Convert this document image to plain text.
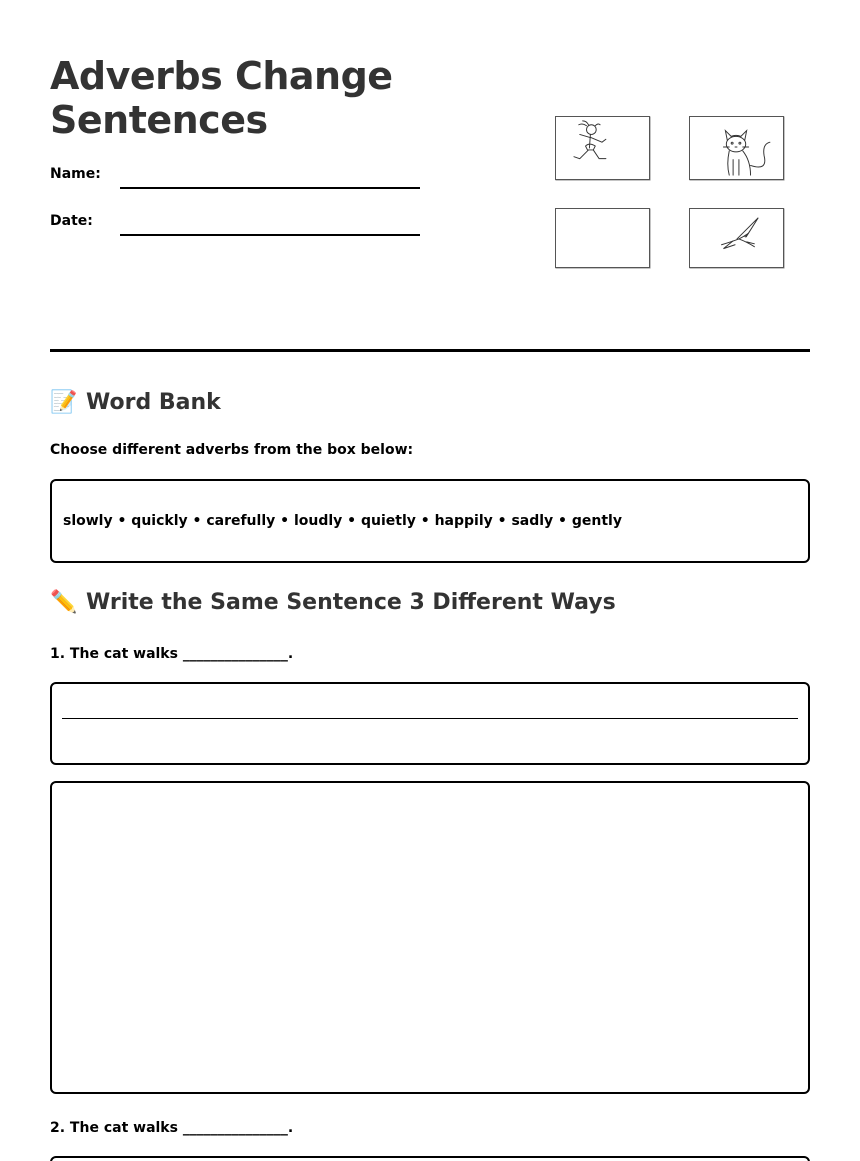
Adverbs Change Sentences
Name:
Date:
📝 Word Bank
Choose different adverbs from the box below:
slowly • quickly • carefully • loudly • quietly • happily • sadly • gently
✏️ Write the Same Sentence 3 Different Ways
1. The cat walks _______________.
2. The cat walks _______________.
